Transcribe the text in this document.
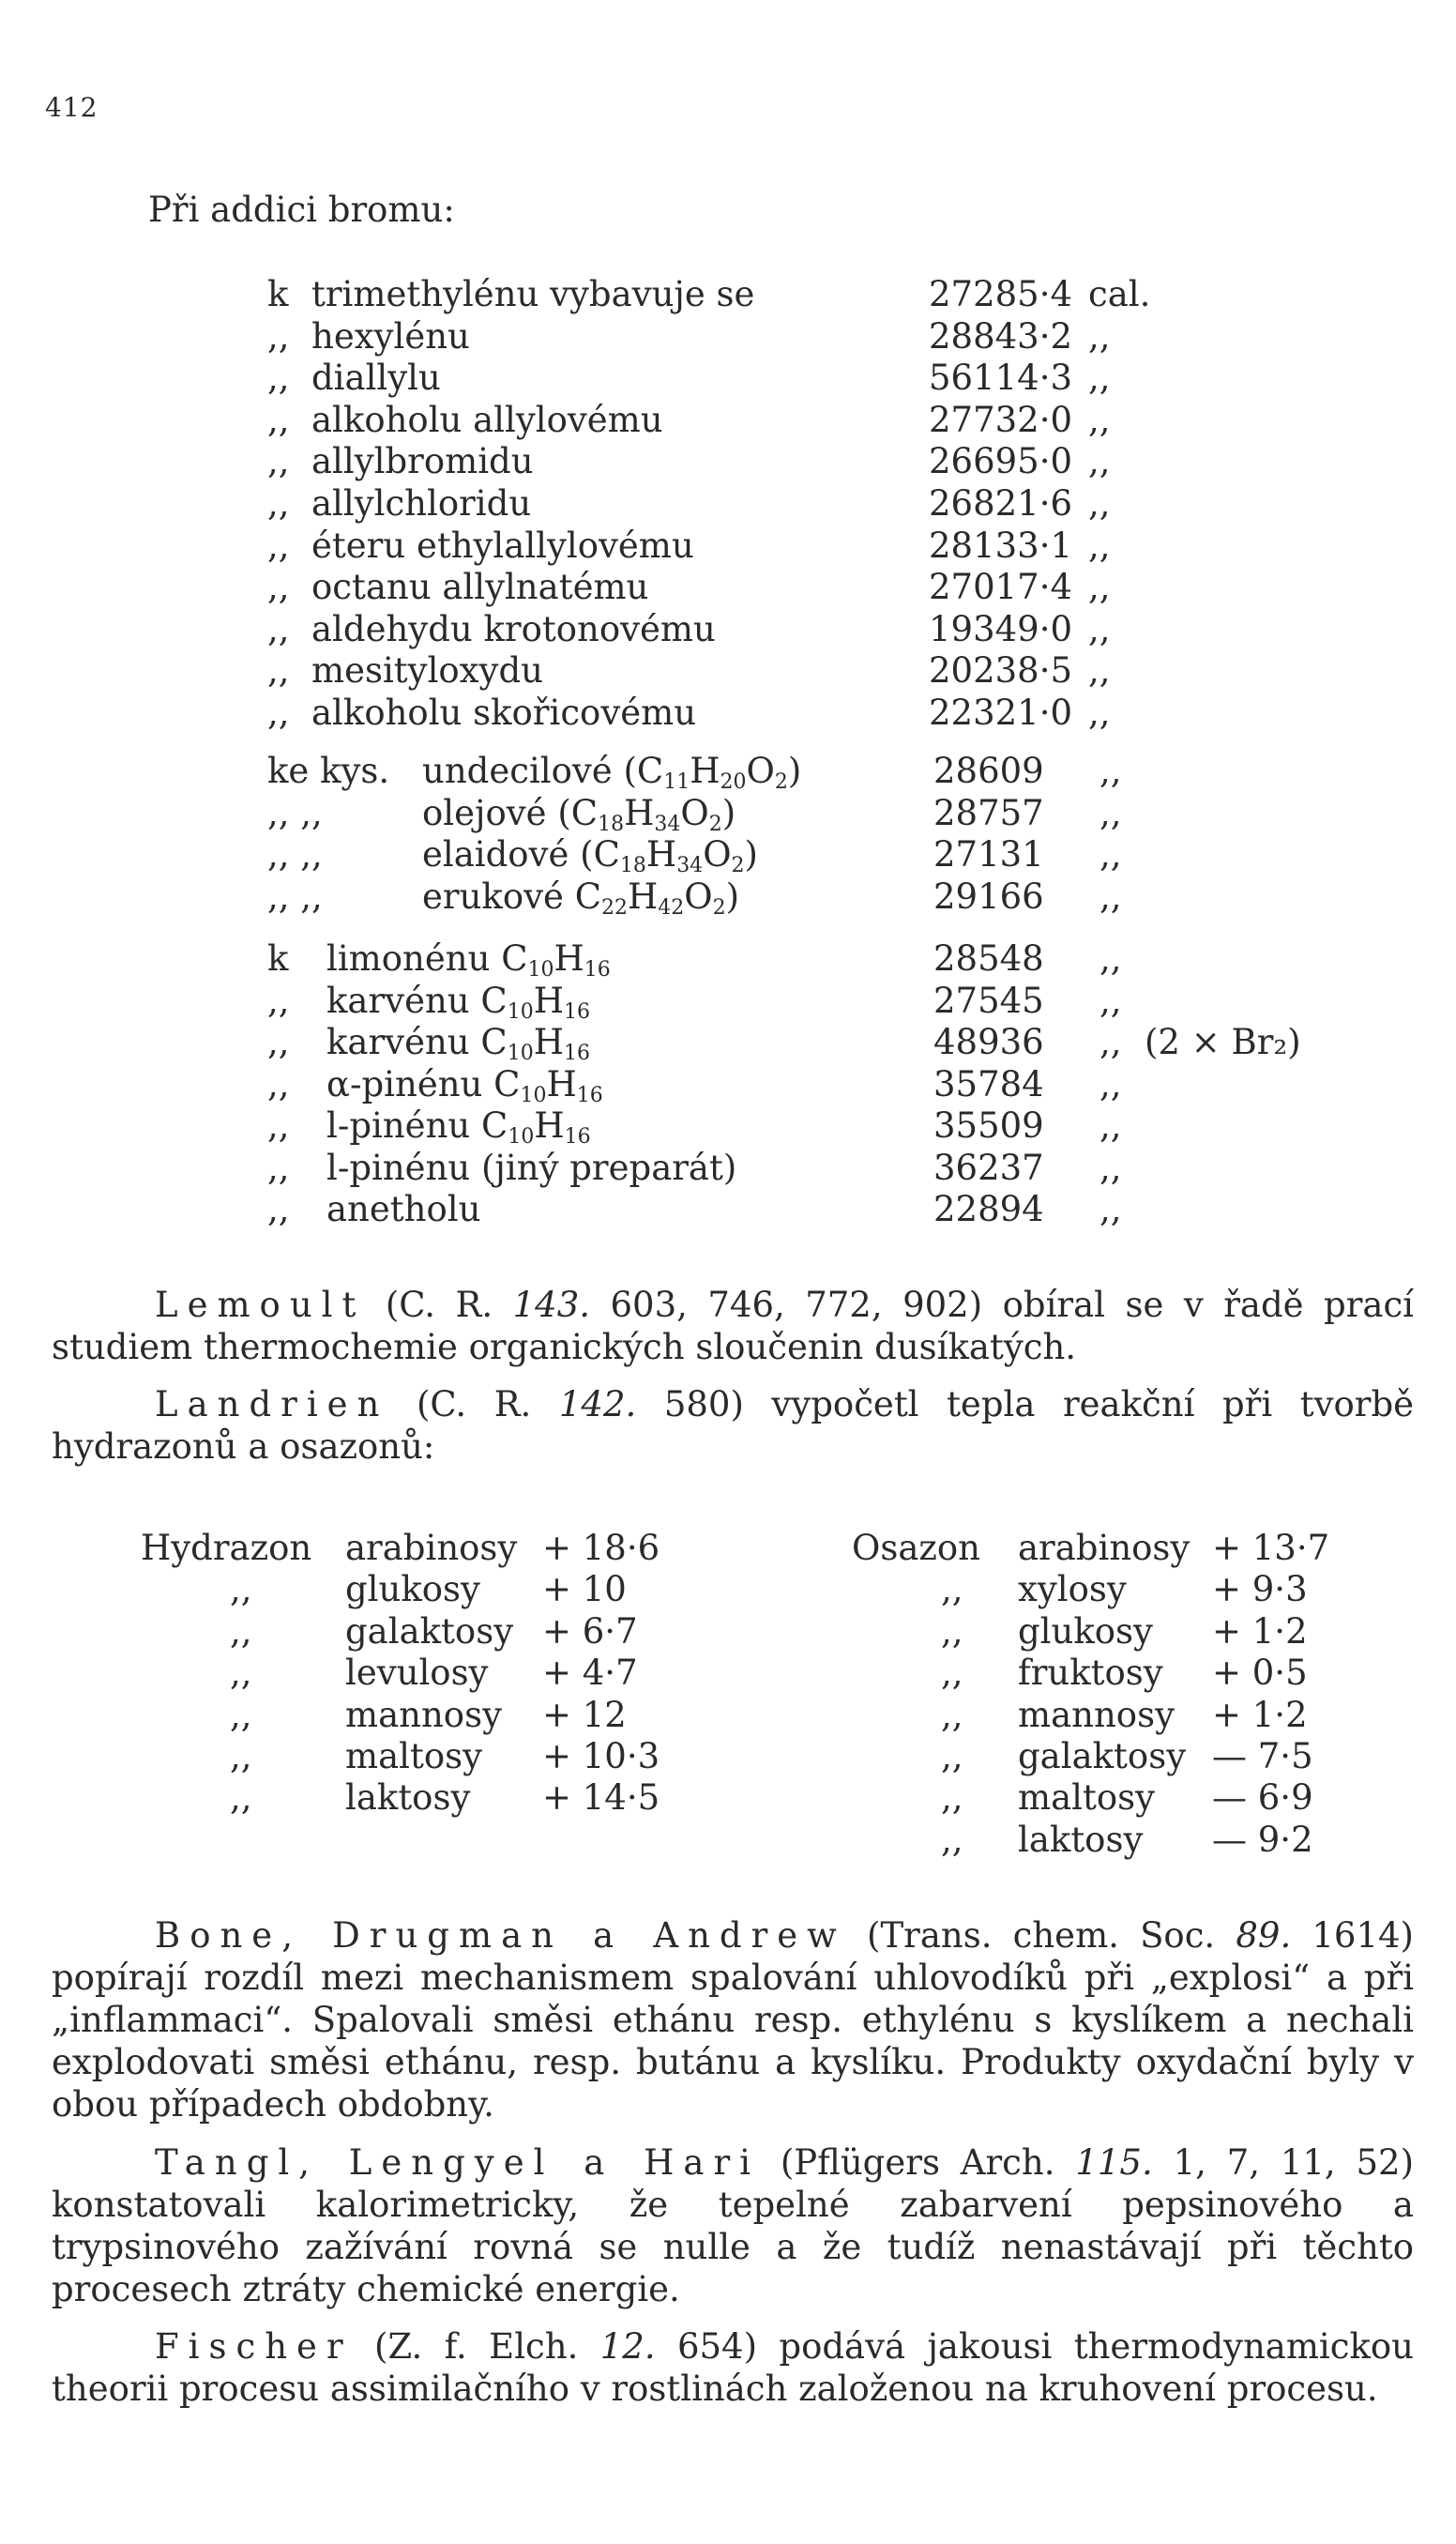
412
Při addici bromu:
k trimethylénu vybavuje se	27285·4 cal.
,, hexylénu	28843·2 ,,
,, diallylu	56114·3 ,,
,, alkoholu allylovému	27732·0 ,,
,, allylbromidu	26695·0 ,,
,, allylchloridu	26821·6 ,,
,, éteru ethylallylovému	28133·1 ,,
,, octanu allylnatému	27017·4 ,,
,, aldehydu krotonovému	19349·0 ,,
,, mesityloxydu	20238·5 ,,
,, alkoholu skořicovému	22321·0 ,,
ke kys. undecilové $(C_{11}H_{20}O_2)$	28609 ,,
,, ,,	olejové $(C_{18}H_{34}O_2)$	28757 ,,
,, ,,	elaidové $(C_{18}H_{34}O_2)$	27131 ,,
,, ,,	erukové $C_{22}H_{42}O_2$)	29166 ,,
k limonénu $C_{10}H_{16}$	28548 ,,
,, karvénu $C_{10}H_{16}$	27545 ,,
,, karvénu $C_{10}H_{16}$	48936 ,, (2 × Br₂)
,, α-pinénu $C_{10}H_{16}$	35784 ,,
,, l-pinénu $C_{10}H_{16}$	35509 ,,
,, l-pinénu (jiný preparát)	36237 ,,
,, anetholu	22894 ,,
Lemoult (C. R. 143. 603, 746, 772, 902) obíral se v řadě prací studiem thermochemie organických sloučenin dusíkatých.
Landrien (C. R. 142. 580) vypočetl tepla reakční při tvorbě hydrazonů a osazonů:
Hydrazon arabinosy + 18·6
,,	glukosy + 10
,,	galaktosy + 6·7
,,	levulosy + 4·7
,,	mannosy + 12
,,	maltosy + 10·3
,,	laktosy + 14·5
Osazon arabinosy + 13·7
,, xylosy + 9·3
,, glukosy + 1·2
,, fruktosy + 0·5
,, mannosy + 1·2
,, galaktosy — 7·5
,, maltosy — 6·9
,, laktosy — 9·2
Bone, Drugman a Andrew (Trans. chem. Soc. 89. 1614) popírají rozdíl mezi mechanismem spalování uhlovodíků při „explosi“ a při „inflammaci“. Spalovali směsi ethánu resp. ethylénu s kyslíkem a nechali explodovati směsi ethánu, resp. butánu a kyslíku. Produkty oxydační byly v obou případech obdobny.
Tangl, Lengyel a Hari (Pflügers Arch. 115. 1, 7, 11, 52) konstatovali kalorimetricky, že tepelné zabarvení pepsinového a trypsinového zažívání rovná se nulle a že tudíž nenastávají při těchto procesech ztráty chemické energie.
Fischer (Z. f. Elch. 12. 654) podává jakousi thermodynamickou theorii procesu assimilačního v rostlinách založenou na kruhovení procesu.
